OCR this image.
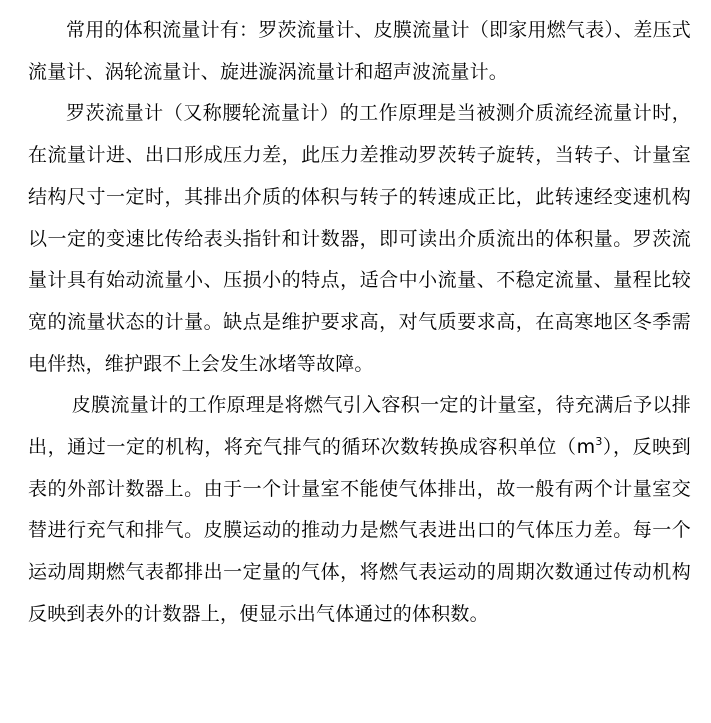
常用的体积流量计有：罗茨流量计、皮膜流量计（即家用燃气表）、差压式流量计、涡轮流量计、旋进漩涡流量计和超声波流量计。

罗茨流量计（又称腰轮流量计）的工作原理是当被测介质流经流量计时，在流量计进、出口形成压力差，此压力差推动罗茨转子旋转，当转子、计量室结构尺寸一定时，其排出介质的体积与转子的转速成正比，此转速经变速机构以一定的变速比传给表头指针和计数器，即可读出介质流出的体积量。罗茨流量计具有始动流量小、压损小的特点，适合中小流量、不稳定流量、量程比较宽的流量状态的计量。缺点是维护要求高，对气质要求高，在高寒地区冬季需电伴热，维护跟不上会发生冰堵等故障。

皮膜流量计的工作原理是将燃气引入容积一定的计量室，待充满后予以排出，通过一定的机构，将充气排气的循环次数转换成容积单位$(m^3)$，反映到表的外部计数器上。由于一个计量室不能使气体排出，故一般有两个计量室交替进行充气和排气。皮膜运动的推动力是燃气表进出口的气体压力差。每一个运动周期燃气表都排出一定量的气体，将燃气表运动的周期次数通过传动机构反映到表外的计数器上，便显示出气体通过的体积数。
